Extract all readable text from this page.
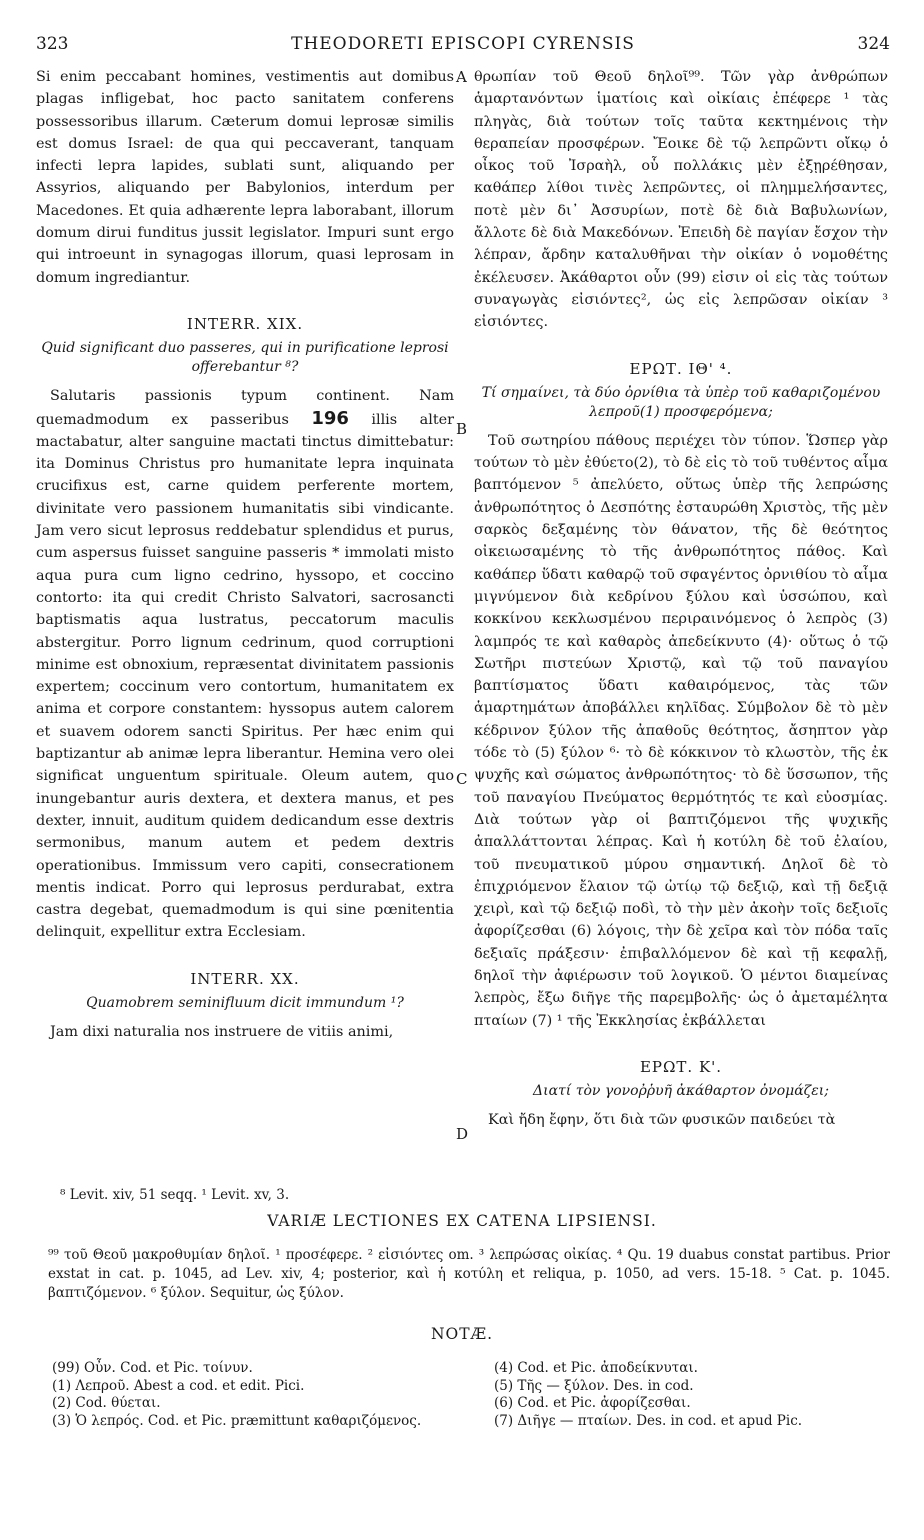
323	THEODORETI EPISCOPI CYRENSIS	324
A
B
C
D

Si enim peccabant homines, vestimentis aut domibus plagas infligebat, hoc pacto sanitatem conferens possessoribus illarum. Cæterum domui leprosæ similis est domus Israel: de qua qui peccaverant, tanquam infecti lepra lapides, sublati sunt, aliquando per Assyrios, aliquando per Babylonios, interdum per Macedones. Et quia adhærente lepra laborabant, illorum domum dirui funditus jussit legislator. Impuri sunt ergo qui introeunt in synagogas illorum, quasi leprosam in domum ingrediantur.

INTERR. XIX.
Quid significant duo passeres, qui in purificatione leprosi offerebantur ⁸?

Salutaris passionis typum continent. Nam quemadmodum ex passeribus 196 illis alter mactabatur, alter sanguine mactati tinctus dimittebatur: ita Dominus Christus pro humanitate lepra inquinata crucifixus est, carne quidem perferente mortem, divinitate vero passionem humanitatis sibi vindicante. Jam vero sicut leprosus reddebatur splendidus et purus, cum aspersus fuisset sanguine passeris * immolati misto aqua pura cum ligno cedrino, hyssopo, et coccino contorto: ita qui credit Christo Salvatori, sacrosancti baptismatis aqua lustratus, peccatorum maculis abstergitur. Porro lignum cedrinum, quod corruptioni minime est obnoxium, repræsentat divinitatem passionis expertem; coccinum vero contortum, humanitatem ex anima et corpore constantem: hyssopus autem calorem et suavem odorem sancti Spiritus. Per hæc enim qui baptizantur ab animæ lepra liberantur. Hemina vero olei significat unguentum spirituale. Oleum autem, quo inungebantur auris dextera, et dextera manus, et pes dexter, innuit, auditum quidem dedicandum esse dextris sermonibus, manum autem et pedem dextris operationibus. Immissum vero capiti, consecrationem mentis indicat. Porro qui leprosus perdurabat, extra castra degebat, quemadmodum is qui sine pœnitentia delinquit, expellitur extra Ecclesiam.

INTERR. XX.
Quamobrem seminifluum dicit immundum ¹?

Jam dixi naturalia nos instruere de vitiis animi,

θρωπίαν τοῦ Θεοῦ δηλοῖ⁹⁹. Τῶν γὰρ ἀνθρώπων ἁμαρτανόντων ἱματίοις καὶ οἰκίαις ἐπέφερε ¹ τὰς πληγὰς, διὰ τούτων τοῖς ταῦτα κεκτημένοις τὴν θεραπείαν προσφέρων. Ἔοικε δὲ τῷ λεπρῶντι οἴκῳ ὁ οἶκος τοῦ Ἰσραὴλ, οὗ πολλάκις μὲν ἐξῃρέθησαν, καθάπερ λίθοι τινὲς λεπρῶντες, οἱ πλημμελήσαντες, ποτὲ μὲν δι᾽ Ἀσσυρίων, ποτὲ δὲ διὰ Βαβυλωνίων, ἄλλοτε δὲ διὰ Μακεδόνων. Ἐπειδὴ δὲ παγίαν ἔσχον τὴν λέπραν, ἄρδην καταλυθῆναι τὴν οἰκίαν ὁ νομοθέτης ἐκέλευσεν. Ἀκάθαρτοι οὖν (99) εἰσιν οἱ εἰς τὰς τούτων συναγωγὰς εἰσιόντες², ὡς εἰς λεπρῶσαν οἰκίαν ³ εἰσιόντες.

ΕΡΩΤ. ΙΘ' ⁴.
Τί σημαίνει, τὰ δύο ὀρνίθια τὰ ὑπὲρ τοῦ καθαριζομένου λεπροῦ(1) προσφερόμενα;

Τοῦ σωτηρίου πάθους περιέχει τὸν τύπον. Ὥσπερ γὰρ τούτων τὸ μὲν ἐθύετο(2), τὸ δὲ εἰς τὸ τοῦ τυθέντος αἷμα βαπτόμενον ⁵ ἀπελύετο, οὕτως ὑπὲρ τῆς λεπρώσης ἀνθρωπότητος ὁ Δεσπότης ἐσταυρώθη Χριστὸς, τῆς μὲν σαρκὸς δεξαμένης τὸν θάνατον, τῆς δὲ θεότητος οἰκειωσαμένης τὸ τῆς ἀνθρωπότητος πάθος. Καὶ καθάπερ ὕδατι καθαρῷ τοῦ σφαγέντος ὀρνιθίου τὸ αἷμα μιγνύμενον διὰ κεδρίνου ξύλου καὶ ὑσσώπου, καὶ κοκκίνου κεκλωσμένου περιραινόμενος ὁ λεπρὸς (3) λαμπρός τε καὶ καθαρὸς ἀπεδείκνυτο (4)· οὕτως ὁ τῷ Σωτῆρι πιστεύων Χριστῷ, καὶ τῷ τοῦ παναγίου βαπτίσματος ὕδατι καθαιρόμενος, τὰς τῶν ἁμαρτημάτων ἀποβάλλει κηλῖδας. Σύμβολον δὲ τὸ μὲν κέδρινον ξύλον τῆς ἀπαθοῦς θεότητος, ἄσηπτον γὰρ τόδε τὸ (5) ξύλον ⁶· τὸ δὲ κόκκινον τὸ κλωστὸν, τῆς ἐκ ψυχῆς καὶ σώματος ἀνθρωπότητος· τὸ δὲ ὕσσωπον, τῆς τοῦ παναγίου Πνεύματος θερμότητός τε καὶ εὐοσμίας. Διὰ τούτων γὰρ οἱ βαπτιζόμενοι τῆς ψυχικῆς ἀπαλλάττονται λέπρας. Καὶ ἡ κοτύλη δὲ τοῦ ἐλαίου, τοῦ πνευματικοῦ μύρου σημαντική. Δηλοῖ δὲ τὸ ἐπιχριόμενον ἔλαιον τῷ ὠτίῳ τῷ δεξιῷ, καὶ τῇ δεξιᾷ χειρὶ, καὶ τῷ δεξιῷ ποδὶ, τὸ τὴν μὲν ἀκοὴν τοῖς δεξιοῖς ἀφορίζεσθαι (6) λόγοις, τὴν δὲ χεῖρα καὶ τὸν πόδα ταῖς δεξιαῖς πράξεσιν· ἐπιβαλλόμενον δὲ καὶ τῇ κεφαλῇ, δηλοῖ τὴν ἀφιέρωσιν τοῦ λογικοῦ. Ὁ μέντοι διαμείνας λεπρὸς, ἔξω διῆγε τῆς παρεμβολῆς· ὡς ὁ ἀμεταμέλητα πταίων (7) ¹ τῆς Ἐκκλησίας ἐκβάλλεται

ΕΡΩΤ. Κ'.
Διατί τὸν γονοῤῥυῆ ἀκάθαρτον ὀνομάζει;

Καὶ ἤδη ἔφην, ὅτι διὰ τῶν φυσικῶν παιδεύει τὰ

⁸ Levit. xiv, 51 seqq. ¹ Levit. xv, 3.
VARIÆ LECTIONES EX CATENA LIPSIENSI.

⁹⁹ τοῦ Θεοῦ μακροθυμίαν δηλοῖ. ¹ προσέφερε. ² εἰσιόντες om. ³ λεπρώσας οἰκίας. ⁴ Qu. 19 duabus constat partibus. Prior exstat in cat. p. 1045, ad Lev. xiv, 4; posterior, καὶ ἡ κοτύλη et reliqua, p. 1050, ad vers. 15-18. ⁵ Cat. p. 1045. βαπτιζόμενον. ⁶ ξύλον. Sequitur, ὡς ξύλον.

NOTÆ.

(99) Οὖν. Cod. et Pic. τοίνυν.

(1) Λεπροῦ. Abest a cod. et edit. Pici.

(2) Cod. θύεται.

(3) Ὁ λεπρός. Cod. et Pic. præmittunt καθαριζόμενος.

(4) Cod. et Pic. ἀποδείκνυται.

(5) Τῆς — ξύλον. Des. in cod.

(6) Cod. et Pic. ἀφορίζεσθαι.

(7) Διῆγε — πταίων. Des. in cod. et apud Pic.
